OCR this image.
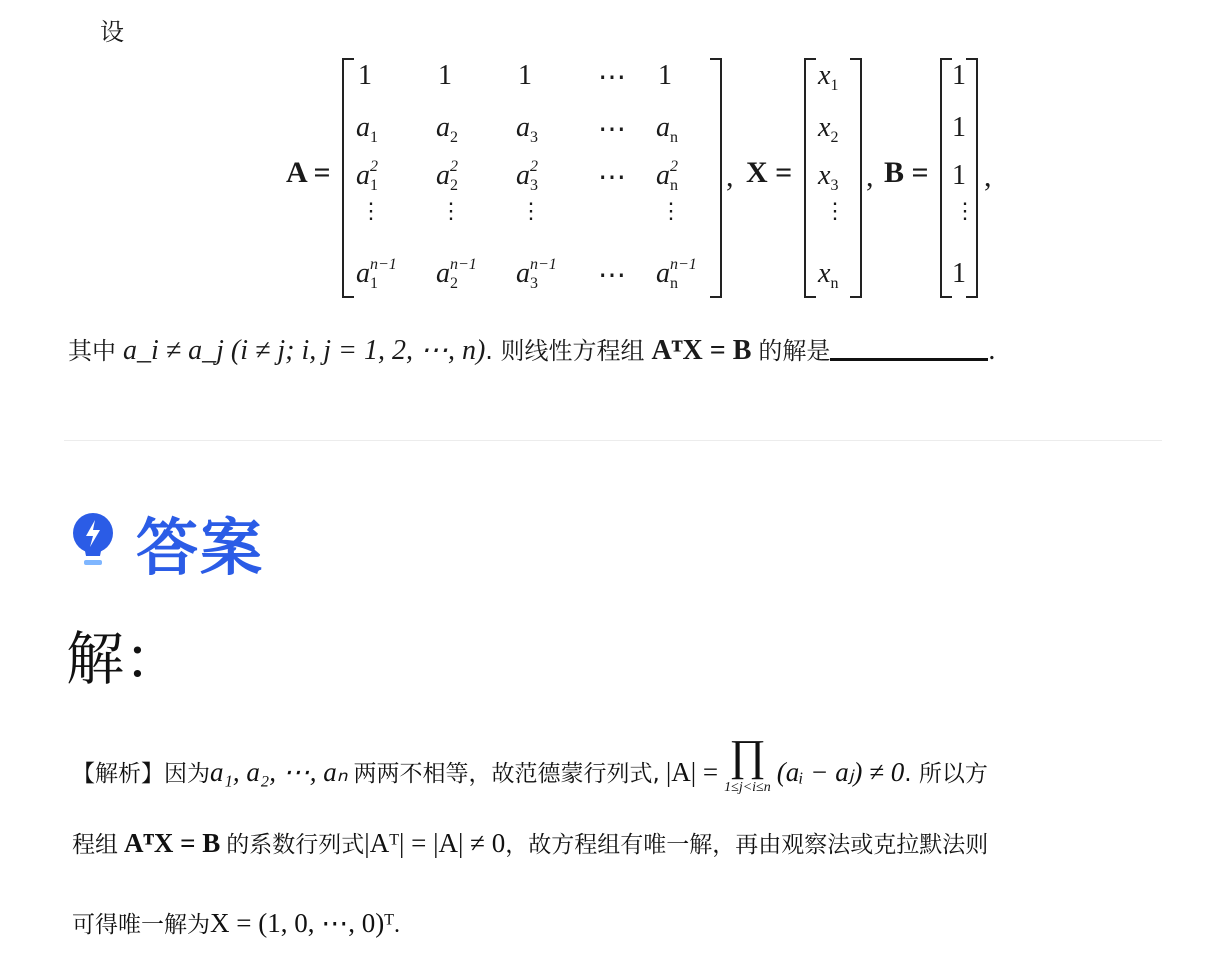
设
A =
1 1 1 ⋯ 1
$a_1$ $a_2$ $a_3$ ⋯ $a_n$
$a_1^2$ $a_2^2$ $a_3^2$ ⋯ $a_n^2$
⋮	⋮	⋮	⋮
$a_1^{n-1}$ $a_2^{n-1}$ $a_3^{n-1}$ ⋯ $a_n^{n-1}$
, X =
$x_1$
$x_2$
$x_3$
⋮
$x_n$
, B =
1
1
1
⋮
1
,
其中 a_i ≠ a_j (i ≠ j; i, j = 1, 2, ⋯, n). 则线性方程组 AᵀX = B 的解是	.
答案
解：
【解析】因为a₁, a₂, ⋯, aₙ 两两不相等，故范德蒙行列式, |A| = ∏
1≤j<i≤n
(aᵢ − aⱼ) ≠ 0. 所以方
程组 AᵀX = B 的系数行列式|Aᵀ| = |A| ≠ 0，故方程组有唯一解，再由观察法或克拉默法则
可得唯一解为X = (1, 0, ⋯, 0)ᵀ.
